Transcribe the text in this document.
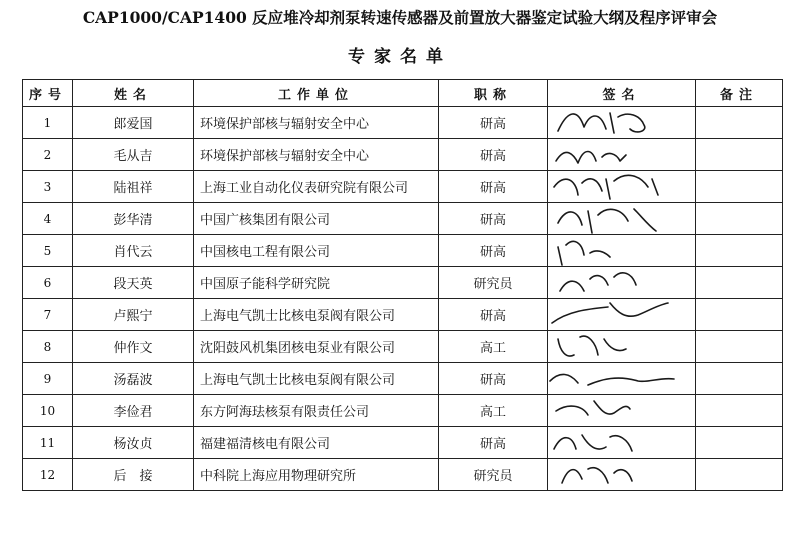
CAP1000/CAP1400 反应堆冷却剂泵转速传感器及前置放大器鉴定试验大纲及程序评审会
专家名单
序号	姓名	工作单位	职称	签名	备注
1	郎爱国	环境保护部核与辐射安全中心	研高	

2	毛从吉	环境保护部核与辐射安全中心	研高	

3	陆祖祥	上海工业自动化仪表研究院有限公司	研高	

4	彭华清	中国广核集团有限公司	研高	

5	肖代云	中国核电工程有限公司	研高	

6	段天英	中国原子能科学研究院	研究员	

7	卢熙宁	上海电气凯士比核电泵阀有限公司	研高	

8	仲作文	沈阳鼓风机集团核电泵业有限公司	高工	

9	汤磊波	上海电气凯士比核电泵阀有限公司	研高	

10	李俭君	东方阿海珐核泵有限责任公司	高工	

11	杨汝贞	福建福清核电有限公司	研高	

12	后　接	中科院上海应用物理研究所	研究员	
